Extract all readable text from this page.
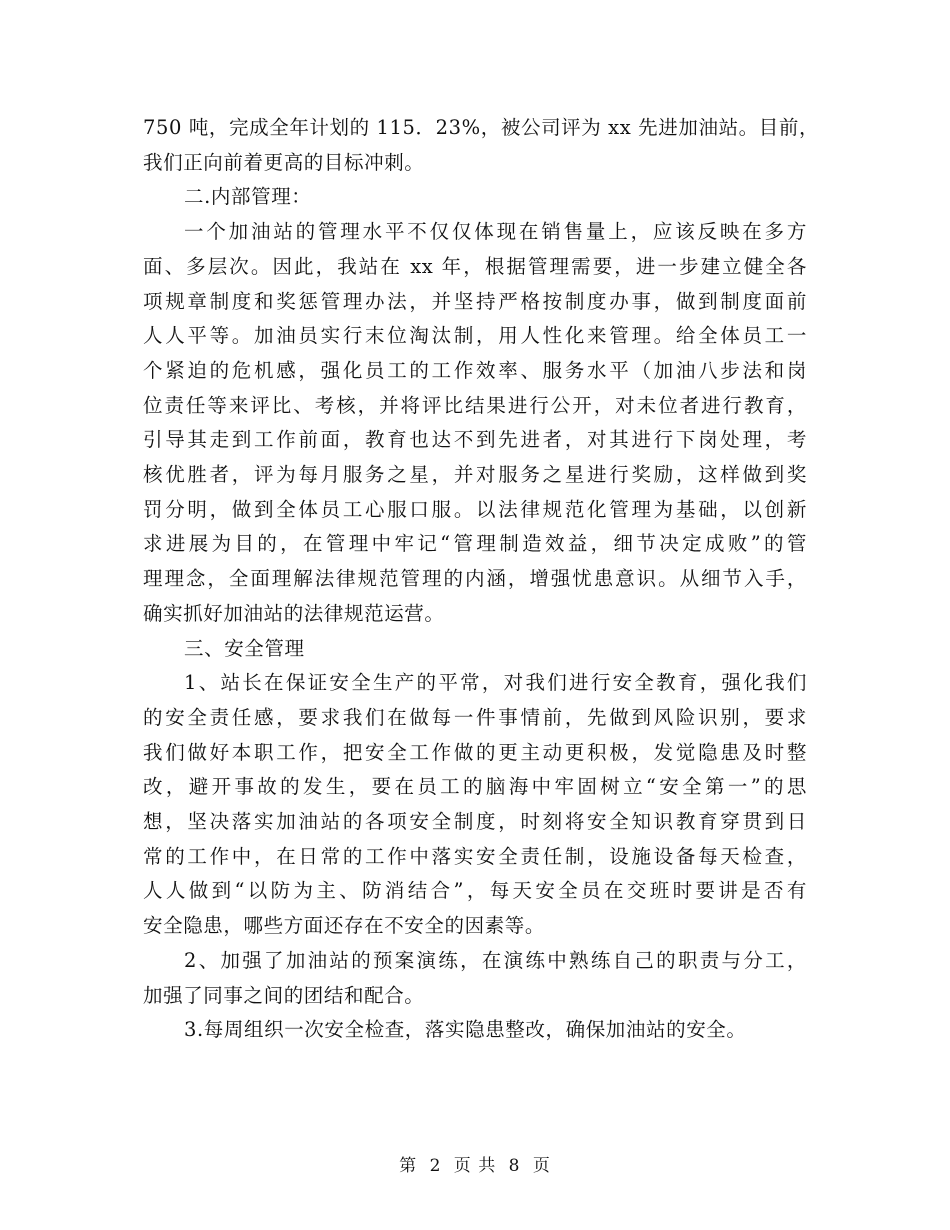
750 吨，完成全年计划的 115．23%，被公司评为 xx 先进加油站。目前，
我们正向前着更高的目标冲刺。
二.内部管理：
一个加油站的管理水平不仅仅体现在销售量上，应该反映在多方
面、多层次。因此，我站在 xx 年，根据管理需要，进一步建立健全各
项规章制度和奖惩管理办法，并坚持严格按制度办事，做到制度面前
人人平等。加油员实行末位淘汰制，用人性化来管理。给全体员工一
个紧迫的危机感，强化员工的工作效率、服务水平（加油八步法和岗
位责任等来评比、考核，并将评比结果进行公开，对未位者进行教育，
引导其走到工作前面，教育也达不到先进者，对其进行下岗处理，考
核优胜者，评为每月服务之星，并对服务之星进行奖励，这样做到奖
罚分明，做到全体员工心服口服。以法律规范化管理为基础，以创新
求进展为目的，在管理中牢记“管理制造效益，细节决定成败”的管
理理念，全面理解法律规范管理的内涵，增强忧患意识。从细节入手，
确实抓好加油站的法律规范运营。
三、安全管理
1、站长在保证安全生产的平常，对我们进行安全教育，强化我们
的安全责任感，要求我们在做每一件事情前，先做到风险识别，要求
我们做好本职工作，把安全工作做的更主动更积极，发觉隐患及时整
改，避开事故的发生，要在员工的脑海中牢固树立“安全第一”的思
想，坚决落实加油站的各项安全制度，时刻将安全知识教育穿贯到日
常的工作中，在日常的工作中落实安全责任制，设施设备每天检查，
人人做到“以防为主、防消结合”，每天安全员在交班时要讲是否有
安全隐患，哪些方面还存在不安全的因素等。
2、加强了加油站的预案演练，在演练中熟练自己的职责与分工，
加强了同事之间的团结和配合。
3.每周组织一次安全检查，落实隐患整改，确保加油站的安全。
第 2 页 共 8 页
